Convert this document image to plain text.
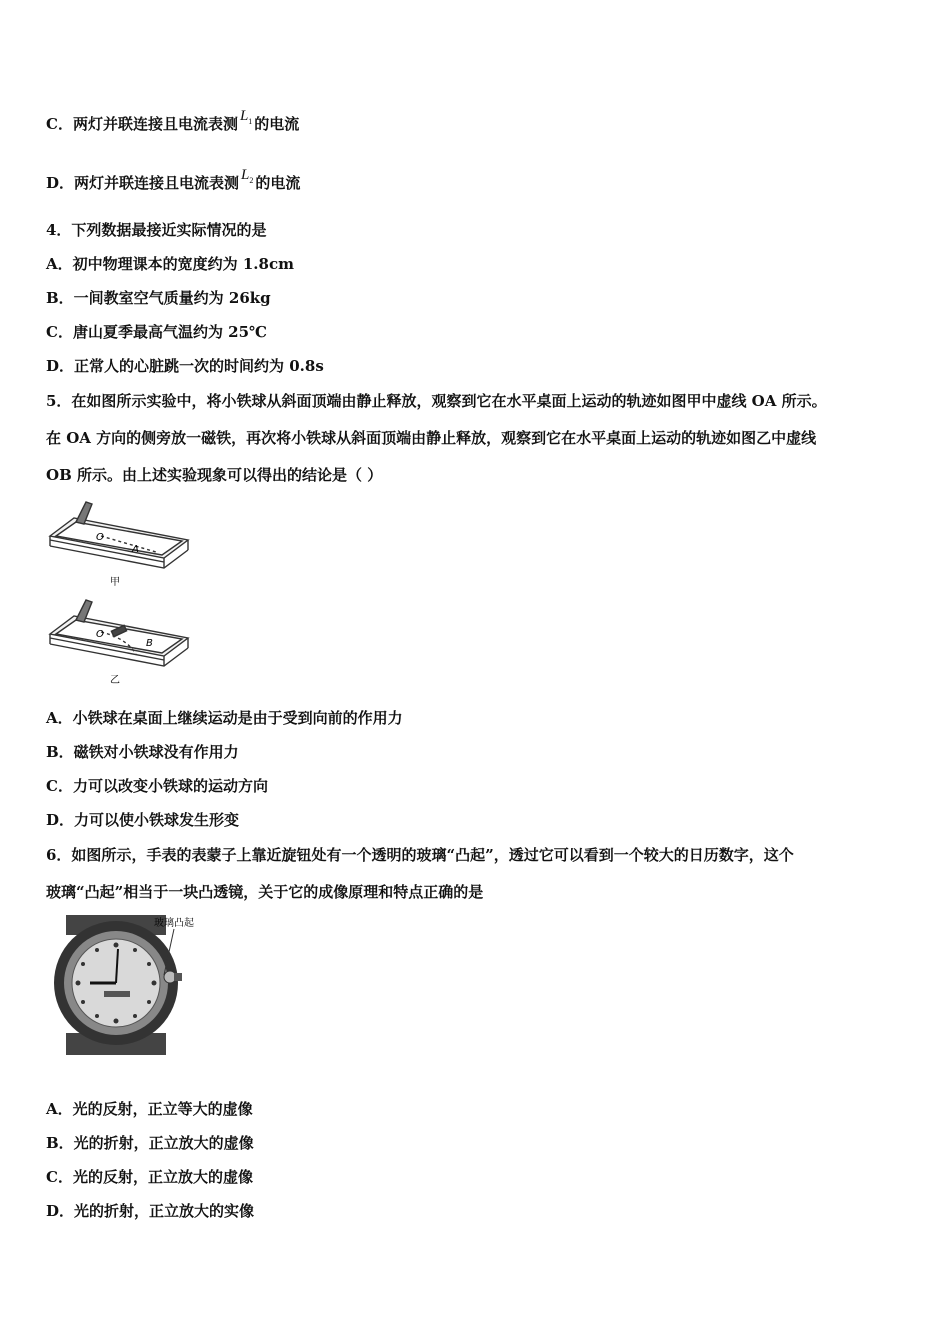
C．两灯并联连接且电流表测 $L_1$ 的电流
D．两灯并联连接且电流表测 $L_2$ 的电流
4．下列数据最接近实际情况的是
A．初中物理课本的宽度约为 1.8cm
B．一间教室空气质量约为 26kg
C．唐山夏季最高气温约为 25℃
D．正常人的心脏跳一次的时间约为 0.8s
5．在如图所示实验中，将小铁球从斜面顶端由静止释放，观察到它在水平桌面上运动的轨迹如图甲中虚线 OA 所示。
在 OA 方向的侧旁放一磁铁，再次将小铁球从斜面顶端由静止释放，观察到它在水平桌面上运动的轨迹如图乙中虚线
OB 所示。由上述实验现象可以得出的结论是（ ）
O
A
甲
O
B
乙
A．小铁球在桌面上继续运动是由于受到向前的作用力
B．磁铁对小铁球没有作用力
C．力可以改变小铁球的运动方向
D．力可以使小铁球发生形变
6．如图所示，手表的表蒙子上靠近旋钮处有一个透明的玻璃“凸起”，透过它可以看到一个较大的日历数字，这个
玻璃“凸起”相当于一块凸透镜，关于它的成像原理和特点正确的是
玻璃凸起
A．光的反射，正立等大的虚像
B．光的折射，正立放大的虚像
C．光的反射，正立放大的虚像
D．光的折射，正立放大的实像
